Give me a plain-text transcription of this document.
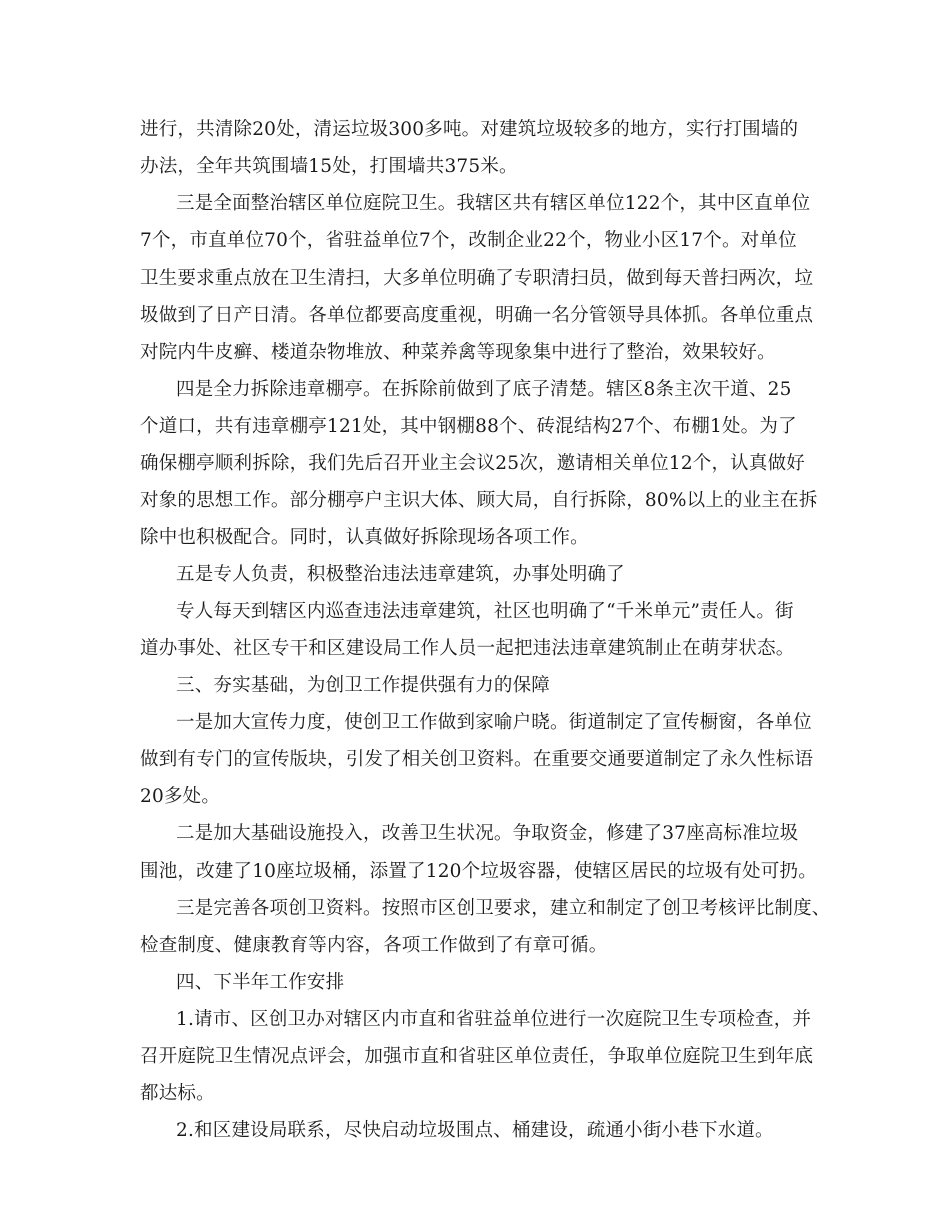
进行，共清除20处，清运垃圾300多吨。对建筑垃圾较多的地方，实行打围墙的
办法，全年共筑围墙15处，打围墙共375米。
三是全面整治辖区单位庭院卫生。我辖区共有辖区单位122个，其中区直单位
7个，市直单位70个，省驻益单位7个，改制企业22个，物业小区17个。对单位
卫生要求重点放在卫生清扫，大多单位明确了专职清扫员，做到每天普扫两次，垃
圾做到了日产日清。各单位都要高度重视，明确一名分管领导具体抓。各单位重点
对院内牛皮癣、楼道杂物堆放、种菜养禽等现象集中进行了整治，效果较好。
四是全力拆除违章棚亭。在拆除前做到了底子清楚。辖区8条主次干道、25
个道口，共有违章棚亭121处，其中钢棚88个、砖混结构27个、布棚1处。为了
确保棚亭顺利拆除，我们先后召开业主会议25次，邀请相关单位12个，认真做好
对象的思想工作。部分棚亭户主识大体、顾大局，自行拆除，80%以上的业主在拆
除中也积极配合。同时，认真做好拆除现场各项工作。
五是专人负责，积极整治违法违章建筑，办事处明确了
专人每天到辖区内巡查违法违章建筑，社区也明确了“千米单元”责任人。街
道办事处、社区专干和区建设局工作人员一起把违法违章建筑制止在萌芽状态。
三、夯实基础，为创卫工作提供强有力的保障
一是加大宣传力度，使创卫工作做到家喻户晓。街道制定了宣传橱窗，各单位
做到有专门的宣传版块，引发了相关创卫资料。在重要交通要道制定了永久性标语
20多处。
二是加大基础设施投入，改善卫生状况。争取资金，修建了37座高标准垃圾
围池，改建了10座垃圾桶，添置了120个垃圾容器，使辖区居民的垃圾有处可扔。
三是完善各项创卫资料。按照市区创卫要求，建立和制定了创卫考核评比制度、
检查制度、健康教育等内容，各项工作做到了有章可循。
四、下半年工作安排
1.请市、区创卫办对辖区内市直和省驻益单位进行一次庭院卫生专项检查，并
召开庭院卫生情况点评会，加强市直和省驻区单位责任，争取单位庭院卫生到年底
都达标。
2.和区建设局联系，尽快启动垃圾围点、桶建设，疏通小街小巷下水道。
